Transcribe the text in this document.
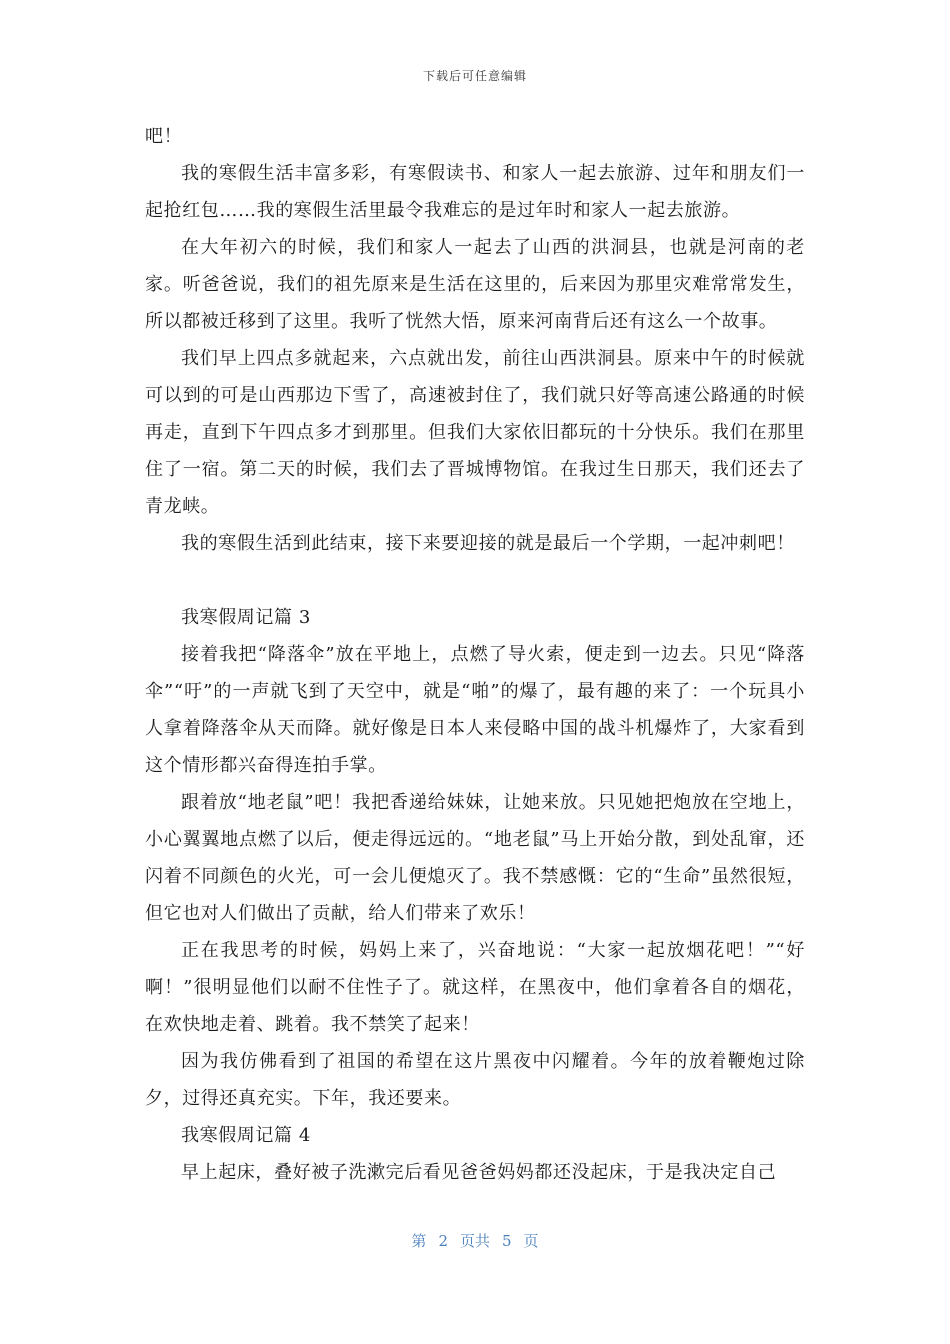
下载后可任意编辑

吧！

我的寒假生活丰富多彩，有寒假读书、和家人一起去旅游、过年和朋友们一起抢红包……我的寒假生活里最令我难忘的是过年时和家人一起去旅游。

在大年初六的时候，我们和家人一起去了山西的洪洞县，也就是河南的老家。听爸爸说，我们的祖先原来是生活在这里的，后来因为那里灾难常常发生，所以都被迁移到了这里。我听了恍然大悟，原来河南背后还有这么一个故事。

我们早上四点多就起来，六点就出发，前往山西洪洞县。原来中午的时候就可以到的可是山西那边下雪了，高速被封住了，我们就只好等高速公路通的时候再走，直到下午四点多才到那里。但我们大家依旧都玩的十分快乐。我们在那里住了一宿。第二天的时候，我们去了晋城博物馆。在我过生日那天，我们还去了青龙峡。

我的寒假生活到此结束，接下来要迎接的就是最后一个学期，一起冲刺吧！

我寒假周记篇 3

接着我把“降落伞”放在平地上，点燃了导火索，便走到一边去。只见“降落伞”“吁”的一声就飞到了天空中，就是“啪”的爆了，最有趣的来了：一个玩具小人拿着降落伞从天而降。就好像是日本人来侵略中国的战斗机爆炸了，大家看到这个情形都兴奋得连拍手掌。

跟着放“地老鼠”吧！我把香递给妹妹，让她来放。只见她把炮放在空地上，小心翼翼地点燃了以后，便走得远远的。“地老鼠”马上开始分散，到处乱窜，还闪着不同颜色的火光，可一会儿便熄灭了。我不禁感慨：它的“生命”虽然很短，但它也对人们做出了贡献，给人们带来了欢乐！

正在我思考的时候，妈妈上来了，兴奋地说：“大家一起放烟花吧！”“好啊！”很明显他们以耐不住性子了。就这样，在黑夜中，他们拿着各自的烟花，在欢快地走着、跳着。我不禁笑了起来！

因为我仿佛看到了祖国的希望在这片黑夜中闪耀着。今年的放着鞭炮过除夕，过得还真充实。下年，我还要来。

我寒假周记篇 4

早上起床，叠好被子洗漱完后看见爸爸妈妈都还没起床，于是我决定自己

第 2 页共 5 页
